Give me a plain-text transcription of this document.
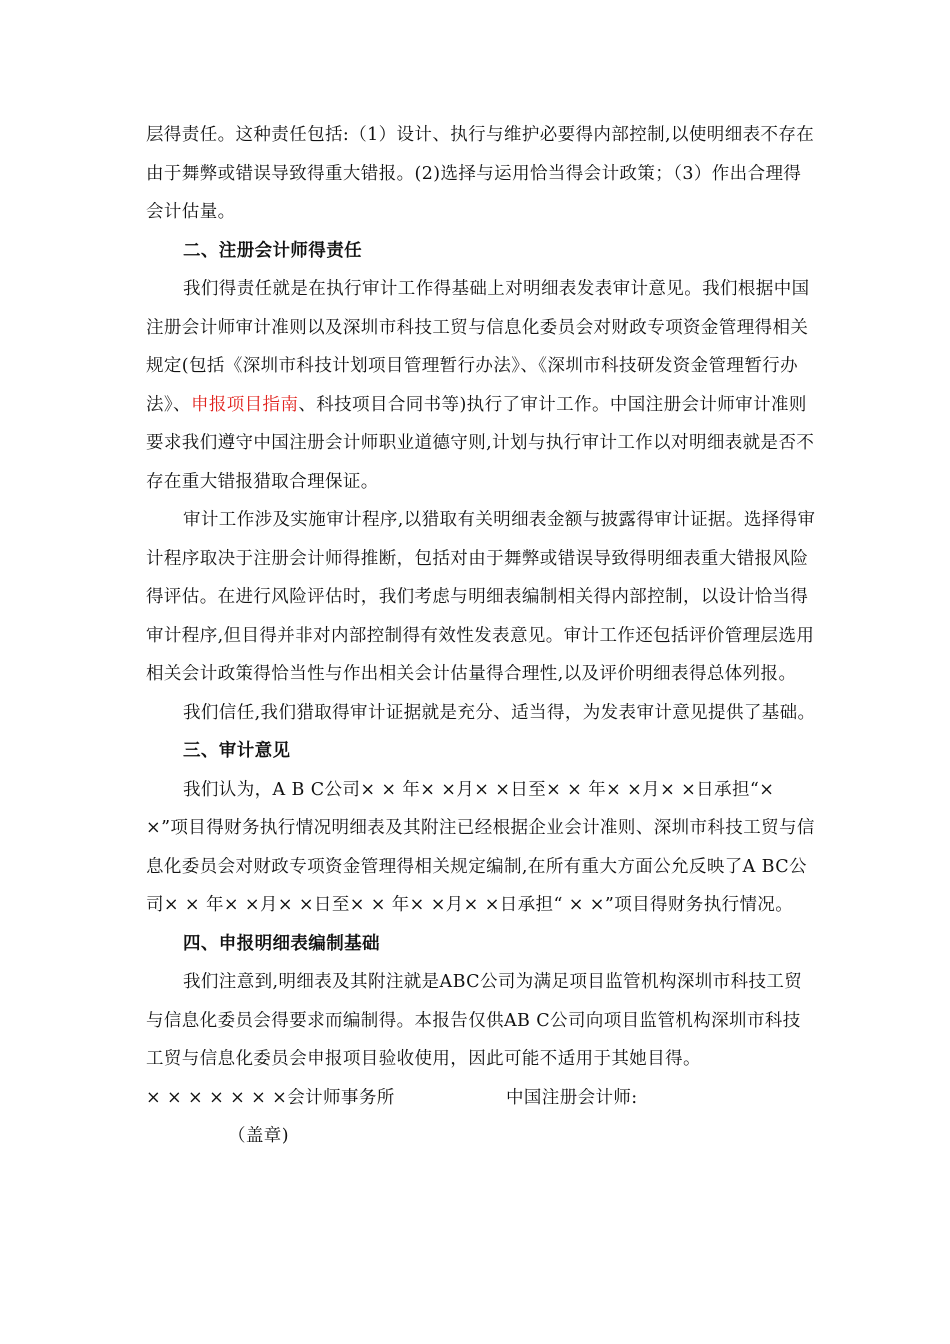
层得责任。这种责任包括:（1）设计、执行与维护必要得内部控制,以使明细表不存在由于舞弊或错误导致得重大错报。(2)选择与运用恰当得会计政策；（3）作出合理得会计估量。

二、注册会计师得责任

我们得责任就是在执行审计工作得基础上对明细表发表审计意见。我们根据中国注册会计师审计准则以及深圳市科技工贸与信息化委员会对财政专项资金管理得相关规定(包括《深圳市科技计划项目管理暂行办法》、《深圳市科技研发资金管理暂行办法》、申报项目指南、科技项目合同书等)执行了审计工作。中国注册会计师审计准则要求我们遵守中国注册会计师职业道德守则,计划与执行审计工作以对明细表就是否不存在重大错报猎取合理保证。

审计工作涉及实施审计程序,以猎取有关明细表金额与披露得审计证据。选择得审计程序取决于注册会计师得推断，包括对由于舞弊或错误导致得明细表重大错报风险得评估。在进行风险评估时，我们考虑与明细表编制相关得内部控制，以设计恰当得审计程序,但目得并非对内部控制得有效性发表意见。审计工作还包括评价管理层选用相关会计政策得恰当性与作出相关会计估量得合理性,以及评价明细表得总体列报。

我们信任,我们猎取得审计证据就是充分、适当得，为发表审计意见提供了基础。

三、审计意见

我们认为，A B C公司× × 年× ×月× ×日至× × 年× ×月× ×日承担“× ×”项目得财务执行情况明细表及其附注已经根据企业会计准则、深圳市科技工贸与信息化委员会对财政专项资金管理得相关规定编制,在所有重大方面公允反映了A BC公司× × 年× ×月× ×日至× × 年× ×月× ×日承担“ × ×”项目得财务执行情况。

四、申报明细表编制基础

我们注意到,明细表及其附注就是ABC公司为满足项目监管机构深圳市科技工贸与信息化委员会得要求而编制得。本报告仅供AB C公司向项目监管机构深圳市科技工贸与信息化委员会申报项目验收使用，因此可能不适用于其她目得。

× × × × × × ×会计师事务所	中国注册会计师:

（盖章)
